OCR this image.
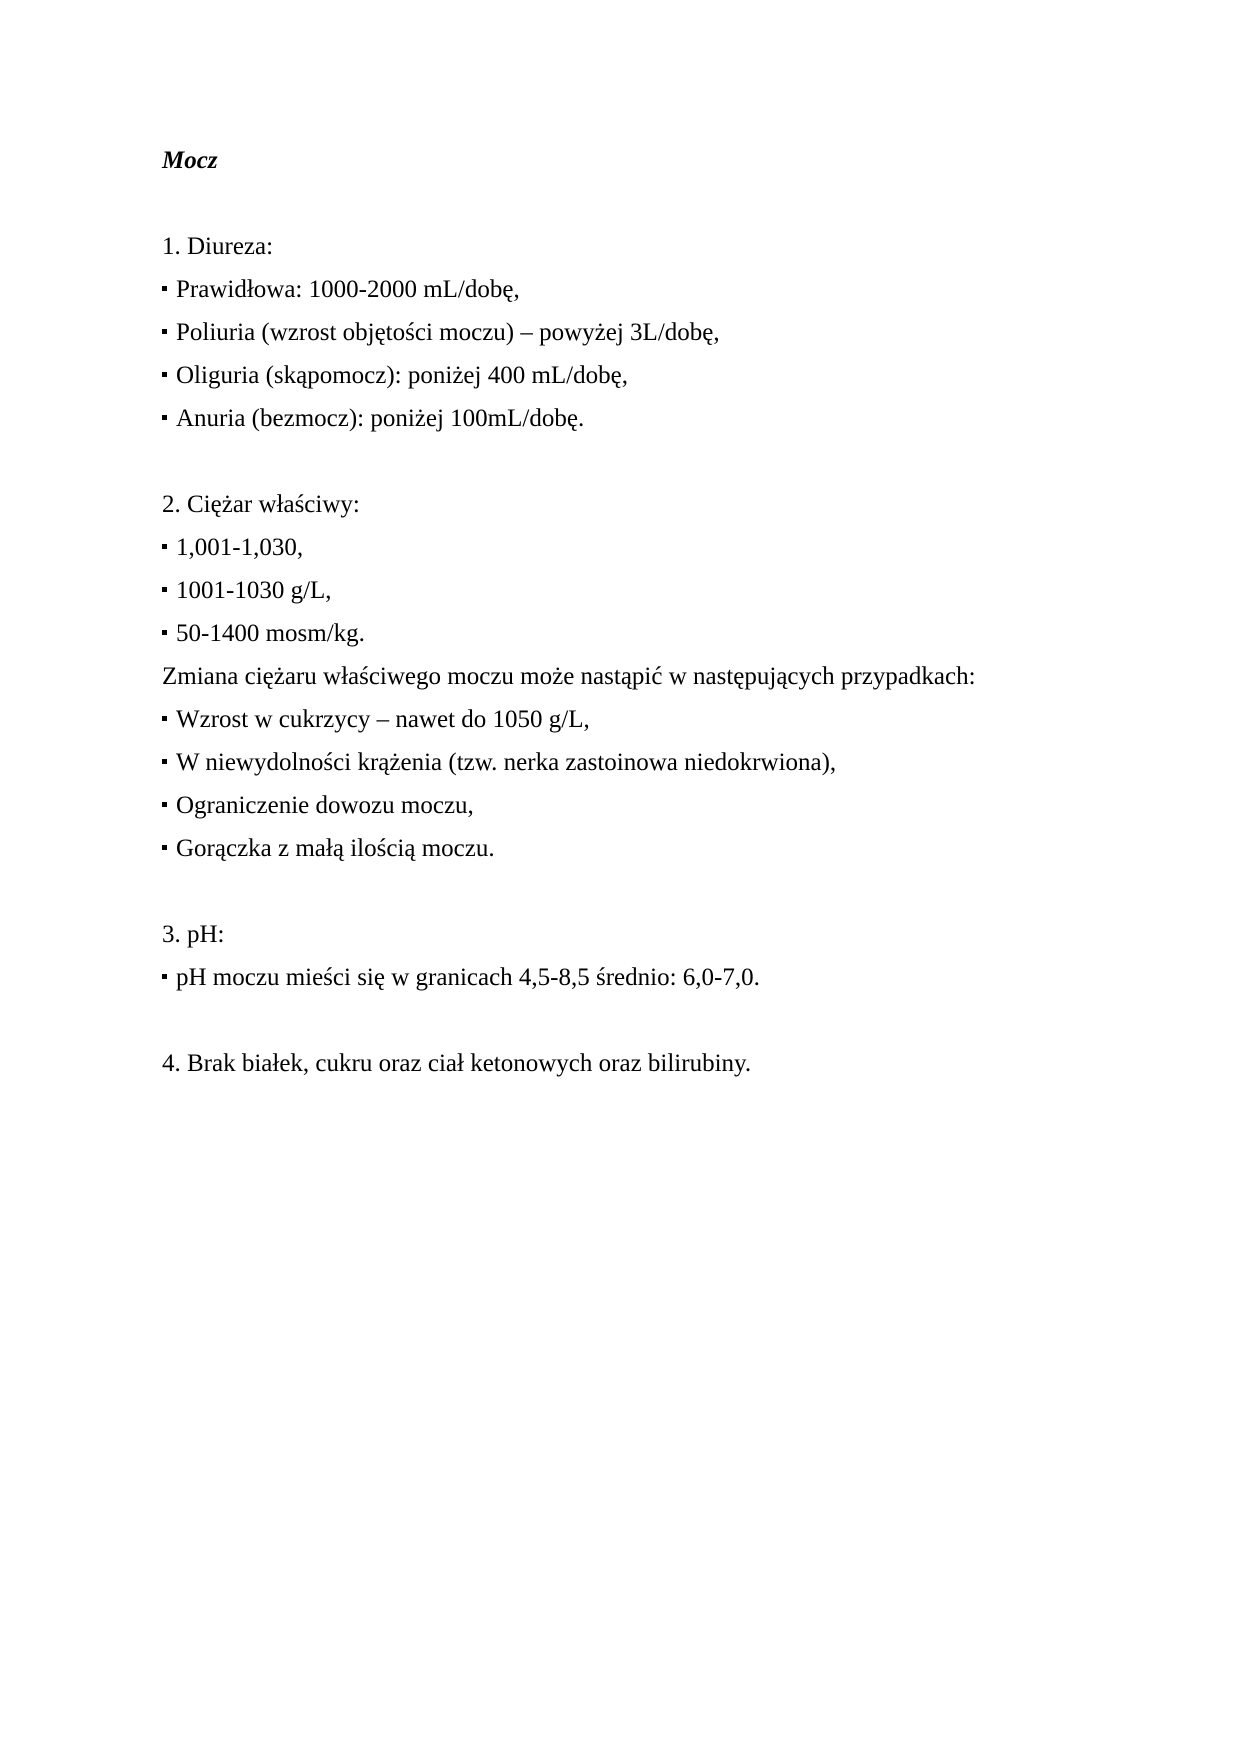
Mocz
1. Diureza:
Prawidłowa: 1000-2000 mL/dobę,
Poliuria (wzrost objętości moczu) – powyżej 3L/dobę,
Oliguria (skąpomocz): poniżej 400 mL/dobę,
Anuria (bezmocz): poniżej 100mL/dobę.
2. Ciężar właściwy:
1,001-1,030,
1001-1030 g/L,
50-1400 mosm/kg.
Zmiana ciężaru właściwego moczu może nastąpić w następujących przypadkach:
Wzrost w cukrzycy – nawet do 1050 g/L,
W niewydolności krążenia (tzw. nerka zastoinowa niedokrwiona),
Ograniczenie dowozu moczu,
Gorączka z małą ilością moczu.
3. pH:
pH moczu mieści się w granicach 4,5-8,5 średnio: 6,0-7,0.
4. Brak białek, cukru oraz ciał ketonowych oraz bilirubiny.
